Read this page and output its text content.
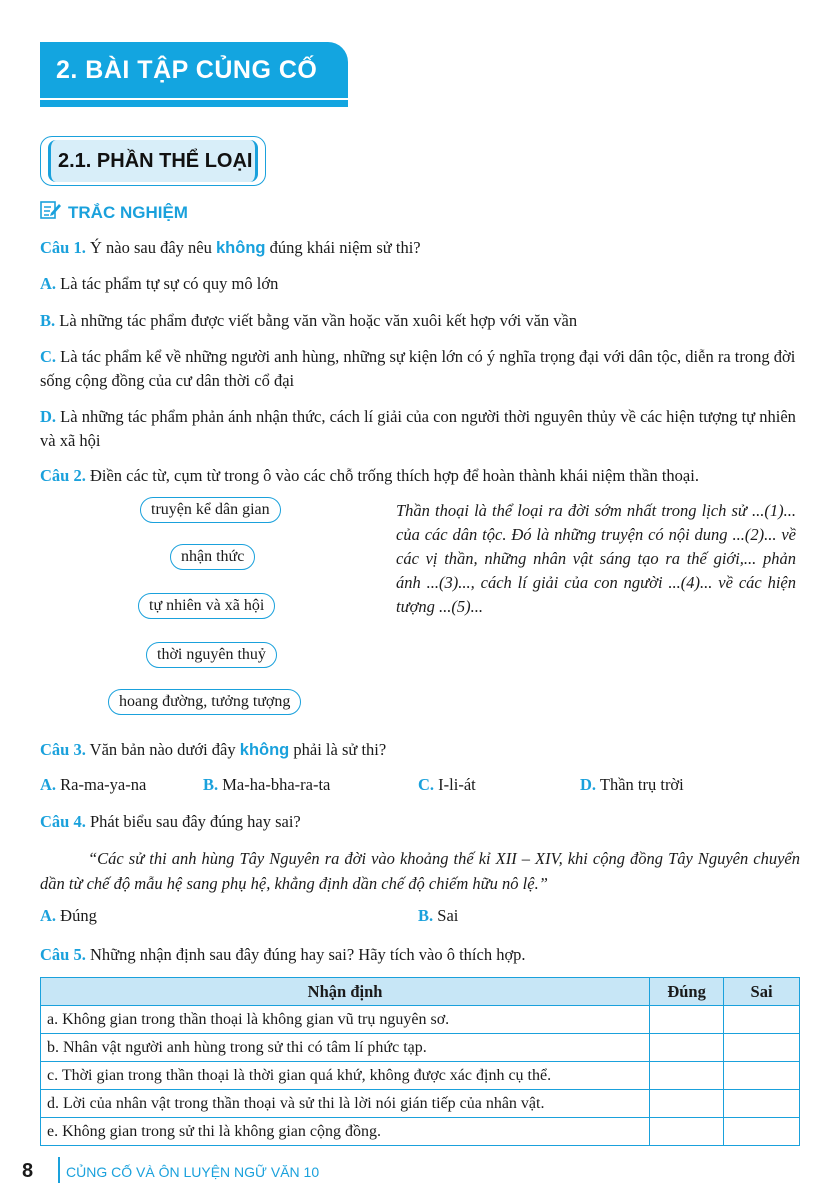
2. BÀI TẬP CỦNG CỐ
2.1. PHẦN THỂ LOẠI
TRẮC NGHIỆM
Câu 1. Ý nào sau đây nêu không đúng khái niệm sử thi?
A. Là tác phẩm tự sự có quy mô lớn
B. Là những tác phẩm được viết bằng văn vần hoặc văn xuôi kết hợp với văn vần
C. Là tác phẩm kể về những người anh hùng, những sự kiện lớn có ý nghĩa trọng đại với dân tộc, diễn ra trong đời sống cộng đồng của cư dân thời cổ đại
D. Là những tác phẩm phản ánh nhận thức, cách lí giải của con người thời nguyên thủy về các hiện tượng tự nhiên và xã hội
Câu 2. Điền các từ, cụm từ trong ô vào các chỗ trống thích hợp để hoàn thành khái niệm thần thoại.
truyện kể dân gian
nhận thức
tự nhiên và xã hội
thời nguyên thuỷ
hoang đường, tưởng tượng
Thần thoại là thể loại ra đời sớm nhất trong lịch sử ...(1)... của các dân tộc. Đó là những truyện có nội dung ...(2)... về các vị thần, những nhân vật sáng tạo ra thế giới,... phản ánh ...(3)..., cách lí giải của con người ...(4)... về các hiện tượng ...(5)...
Câu 3. Văn bản nào dưới đây không phải là sử thi?
A. Ra-ma-ya-na	B. Ma-ha-bha-ra-ta	C. I-li-át	D. Thần trụ trời
Câu 4. Phát biểu sau đây đúng hay sai?
“Các sử thi anh hùng Tây Nguyên ra đời vào khoảng thế kỉ XII – XIV, khi cộng đồng Tây Nguyên chuyển dần từ chế độ mẫu hệ sang phụ hệ, khẳng định dần chế độ chiếm hữu nô lệ.”
A. Đúng	B. Sai
Câu 5. Những nhận định sau đây đúng hay sai? Hãy tích vào ô thích hợp.
Nhận định	Đúng	Sai
a. Không gian trong thần thoại là không gian vũ trụ nguyên sơ.		
b. Nhân vật người anh hùng trong sử thi có tâm lí phức tạp.		
c. Thời gian trong thần thoại là thời gian quá khứ, không được xác định cụ thể.		
d. Lời của nhân vật trong thần thoại và sử thi là lời nói gián tiếp của nhân vật.		
e. Không gian trong sử thi là không gian cộng đồng.		
8 CỦNG CỐ VÀ ÔN LUYỆN NGỮ VĂN 10
